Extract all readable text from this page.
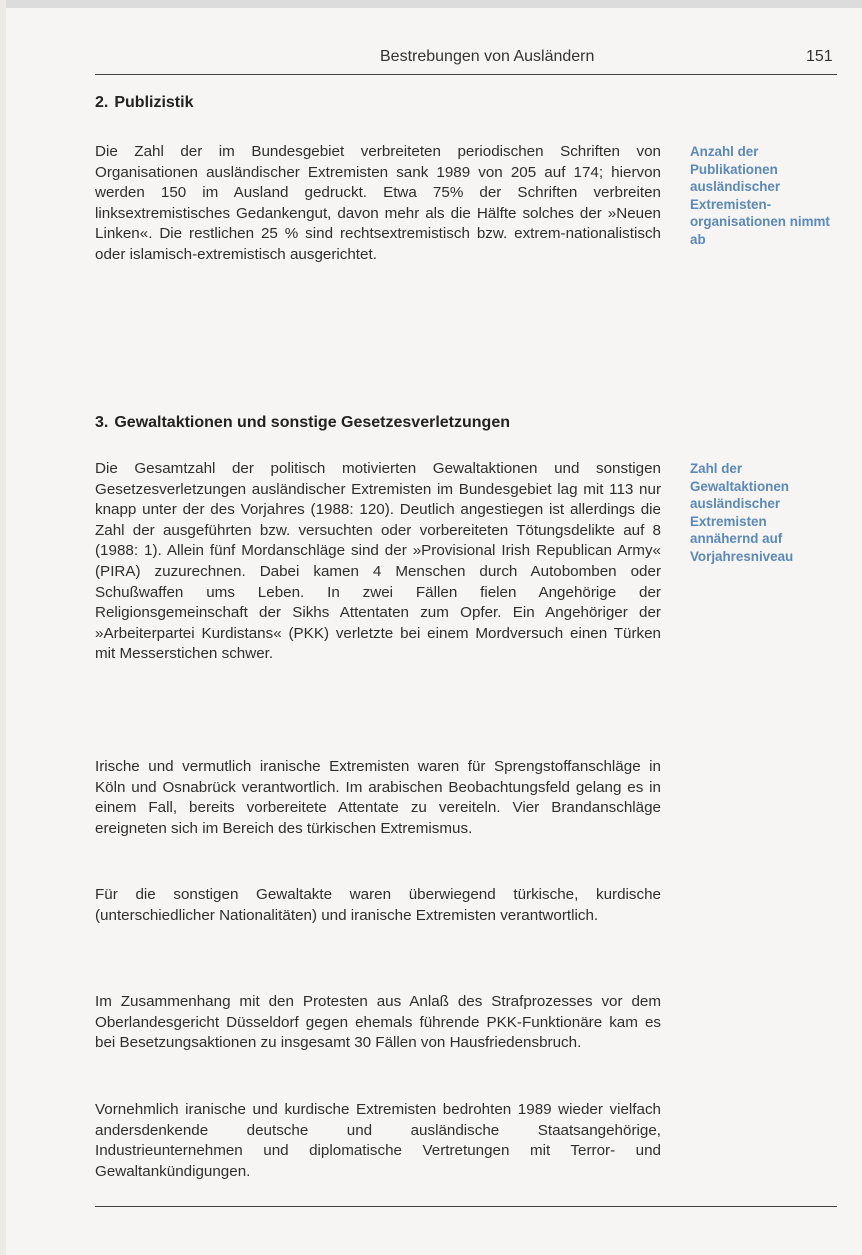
Bestrebungen von Ausländern	151
2. Publizistik

Die Zahl der im Bundesgebiet verbreiteten periodischen Schriften von Organisationen ausländischer Extremisten sank 1989 von 205 auf 174; hiervon werden 150 im Ausland gedruckt. Etwa 75% der Schriften verbreiten linksextremistisches Gedankengut, davon mehr als die Hälfte solches der »Neuen Linken«. Die restlichen 25 % sind rechtsextremistisch bzw. extrem-nationalistisch oder islamisch-extremistisch ausgerichtet.

Anzahl der Publikationen ausländischer Extremisten-organisationen nimmt ab

3. Gewaltaktionen und sonstige Gesetzesverletzungen

Die Gesamtzahl der politisch motivierten Gewaltaktionen und sonstigen Gesetzesverletzungen ausländischer Extremisten im Bundesgebiet lag mit 113 nur knapp unter der des Vorjahres (1988: 120). Deutlich angestiegen ist allerdings die Zahl der ausgeführten bzw. versuchten oder vorbereiteten Tötungsdelikte auf 8 (1988: 1). Allein fünf Mordanschläge sind der »Provisional Irish Republican Army« (PIRA) zuzurechnen. Dabei kamen 4 Menschen durch Autobomben oder Schußwaffen ums Leben. In zwei Fällen fielen Angehörige der Religionsgemeinschaft der Sikhs Attentaten zum Opfer. Ein Angehöriger der »Arbeiterpartei Kurdistans« (PKK) verletzte bei einem Mordversuch einen Türken mit Messerstichen schwer.

Zahl der Gewaltaktionen ausländischer Extremisten annähernd auf Vorjahresniveau

Irische und vermutlich iranische Extremisten waren für Sprengstoffanschläge in Köln und Osnabrück verantwortlich. Im arabischen Beobachtungsfeld gelang es in einem Fall, bereits vorbereitete Attentate zu vereiteln. Vier Brandanschläge ereigneten sich im Bereich des türkischen Extremismus.

Für die sonstigen Gewaltakte waren überwiegend türkische, kurdische (unterschiedlicher Nationalitäten) und iranische Extremisten verantwortlich.

Im Zusammenhang mit den Protesten aus Anlaß des Strafprozesses vor dem Oberlandesgericht Düsseldorf gegen ehemals führende PKK-Funktionäre kam es bei Besetzungsaktionen zu insgesamt 30 Fällen von Hausfriedensbruch.

Vornehmlich iranische und kurdische Extremisten bedrohten 1989 wieder vielfach andersdenkende deutsche und ausländische Staatsangehörige, Industrieunternehmen und diplomatische Vertretungen mit Terror- und Gewaltankündigungen.
